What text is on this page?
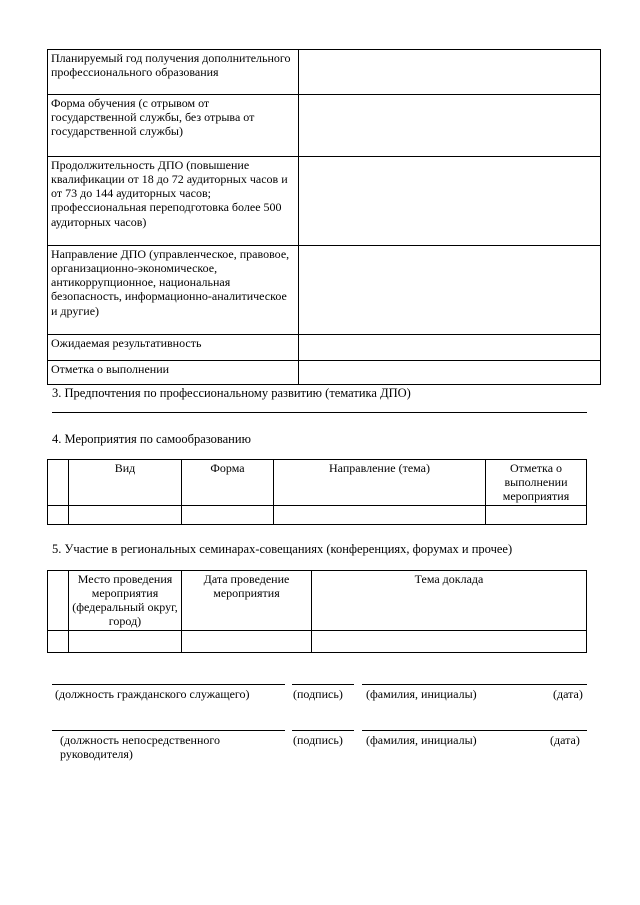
Планируемый год получения дополнительного профессионального образования	
Форма обучения (с отрывом от государственной службы, без отрыва от государственной службы)	
Продолжительность ДПО (повышение квалификации от 18 до 72 аудиторных часов и от 73 до 144 аудиторных часов; профессиональная переподготовка более 500 аудиторных часов)	
Направление ДПО (управленческое, правовое, организационно-экономическое, антикоррупционное, национальная безопасность, информационно-аналитическое и другие)	
Ожидаемая результативность	
Отметка о выполнении	
3. Предпочтения по профессиональному развитию (тематика ДПО)
4. Мероприятия по самообразованию
	Вид	Форма	Направление (тема)	Отметка о выполнении мероприятия

5. Участие в региональных семинарах-совещаниях (конференциях, форумах и прочее)
	Место проведения мероприятия (федеральный округ, город)	Дата проведение мероприятия	Тема доклада

(должность гражданского служащего)	(подпись) (фамилия, инициалы)	(дата)
(должность непосредственного руководителя)
(подпись) (фамилия, инициалы)	(дата)
